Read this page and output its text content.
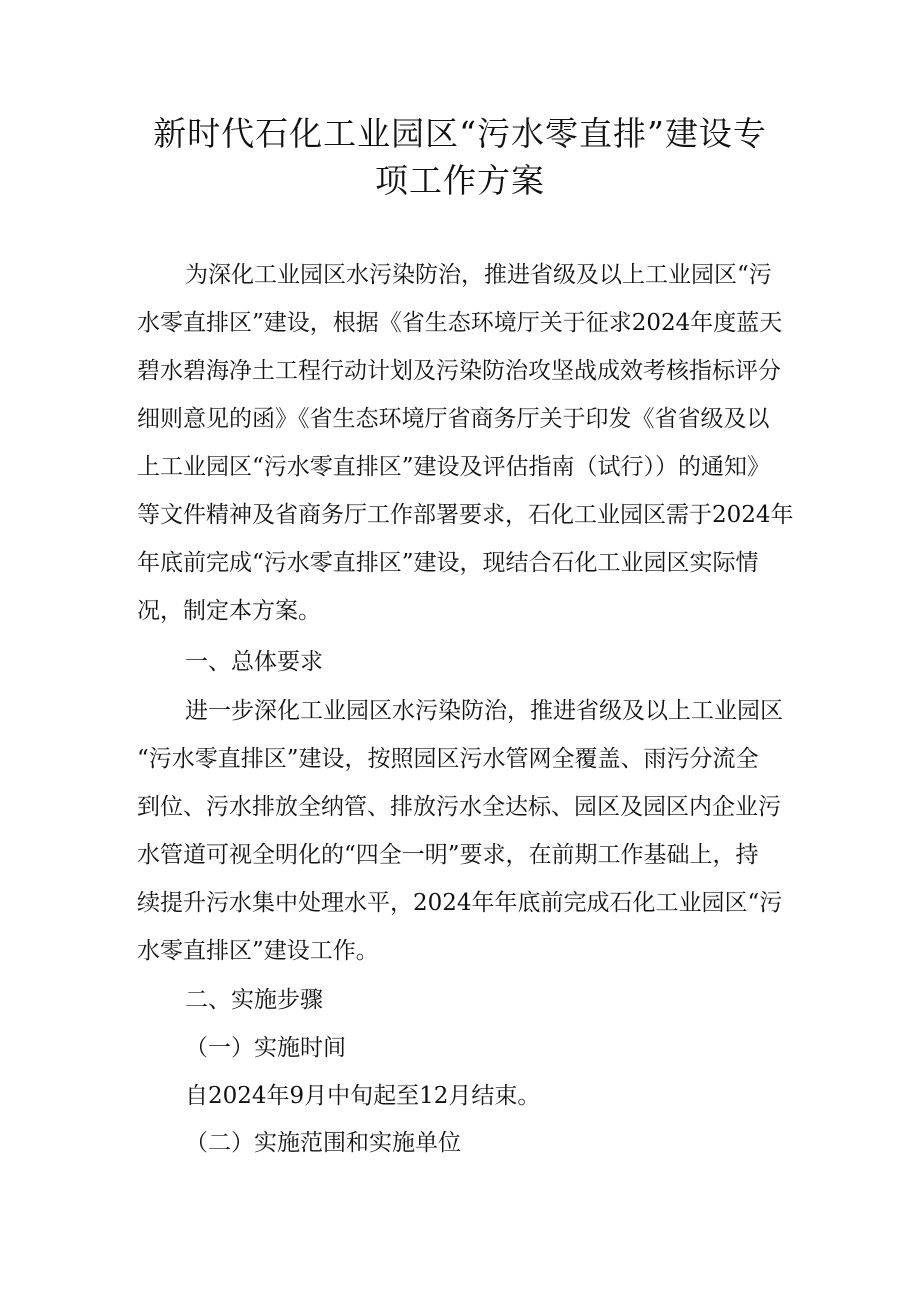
新时代石化工业园区“污水零直排”建设专
项工作方案
为深化工业园区水污染防治，推进省级及以上工业园区“污
水零直排区”建设，根据《省生态环境厅关于征求2024年度蓝天
碧水碧海净土工程行动计划及污染防治攻坚战成效考核指标评分
细则意见的函》《省生态环境厅省商务厅关于印发《省省级及以
上工业园区“污水零直排区”建设及评估指南（试行））的通知》
等文件精神及省商务厅工作部署要求，石化工业园区需于2024年
年底前完成“污水零直排区”建设，现结合石化工业园区实际情
况，制定本方案。
一、总体要求
进一步深化工业园区水污染防治，推进省级及以上工业园区
“污水零直排区”建设，按照园区污水管网全覆盖、雨污分流全
到位、污水排放全纳管、排放污水全达标、园区及园区内企业污
水管道可视全明化的“四全一明”要求，在前期工作基础上，持
续提升污水集中处理水平，2024年年底前完成石化工业园区“污
水零直排区”建设工作。
二、实施步骤
（一）实施时间
自2024年9月中旬起至12月结束。
（二）实施范围和实施单位
